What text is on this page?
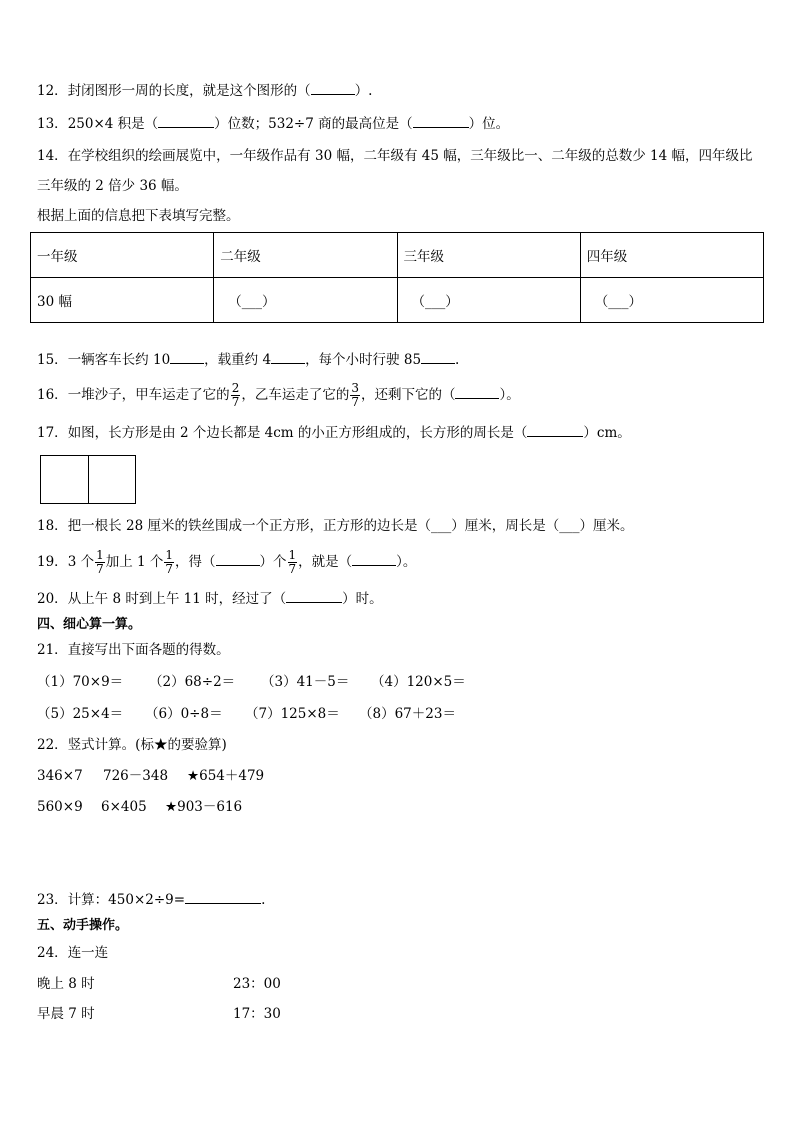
12．封闭图形一周的长度，就是这个图形的（	）.
13．250×4 积是（	）位数；532÷7 商的最高位是（	）位。
14．在学校组织的绘画展览中，一年级作品有 30 幅，二年级有 45 幅，三年级比一、二年级的总数少 14 幅，四年级比
三年级的 2 倍少 36 幅。
根据上面的信息把下表填写完整。
一年级	二年级	三年级	四年级
30 幅	（___）	（___）	（___）
15．一辆客车长约 10	，载重约 4	，每个小时行驶 85	.
16．一堆沙子，甲车运走了它的 $\frac{2}{7}$ ，乙车运走了它的 $\frac{3}{7}$ ，还剩下它的（	）。
17．如图，长方形是由 2 个边长都是 4cm 的小正方形组成的，长方形的周长是（	）cm。
18．把一根长 28 厘米的铁丝围成一个正方形，正方形的边长是（___）厘米，周长是（___）厘米。
19．3 个 $\frac{1}{7}$ 加上 1 个 $\frac{1}{7}$ ，得（	）个 $\frac{1}{7}$ ，就是（	）。
20．从上午 8 时到上午 11 时，经过了（	）时。
四、细心算一算。
21．直接写出下面各题的得数。
（1）70×9＝ （2）68÷2＝ （3）41－5＝ （4）120×5＝
（5）25×4＝ （6）0÷8＝ （7）125×8＝ （8）67＋23＝
22．竖式计算。(标★的要验算)
346×7 726－348 ★654＋479
560×9 6×405 ★903－616
23．计算：450×2÷9=	.
五、动手操作。
24．连一连
晚上 8 时	23：00
早晨 7 时	17：30
